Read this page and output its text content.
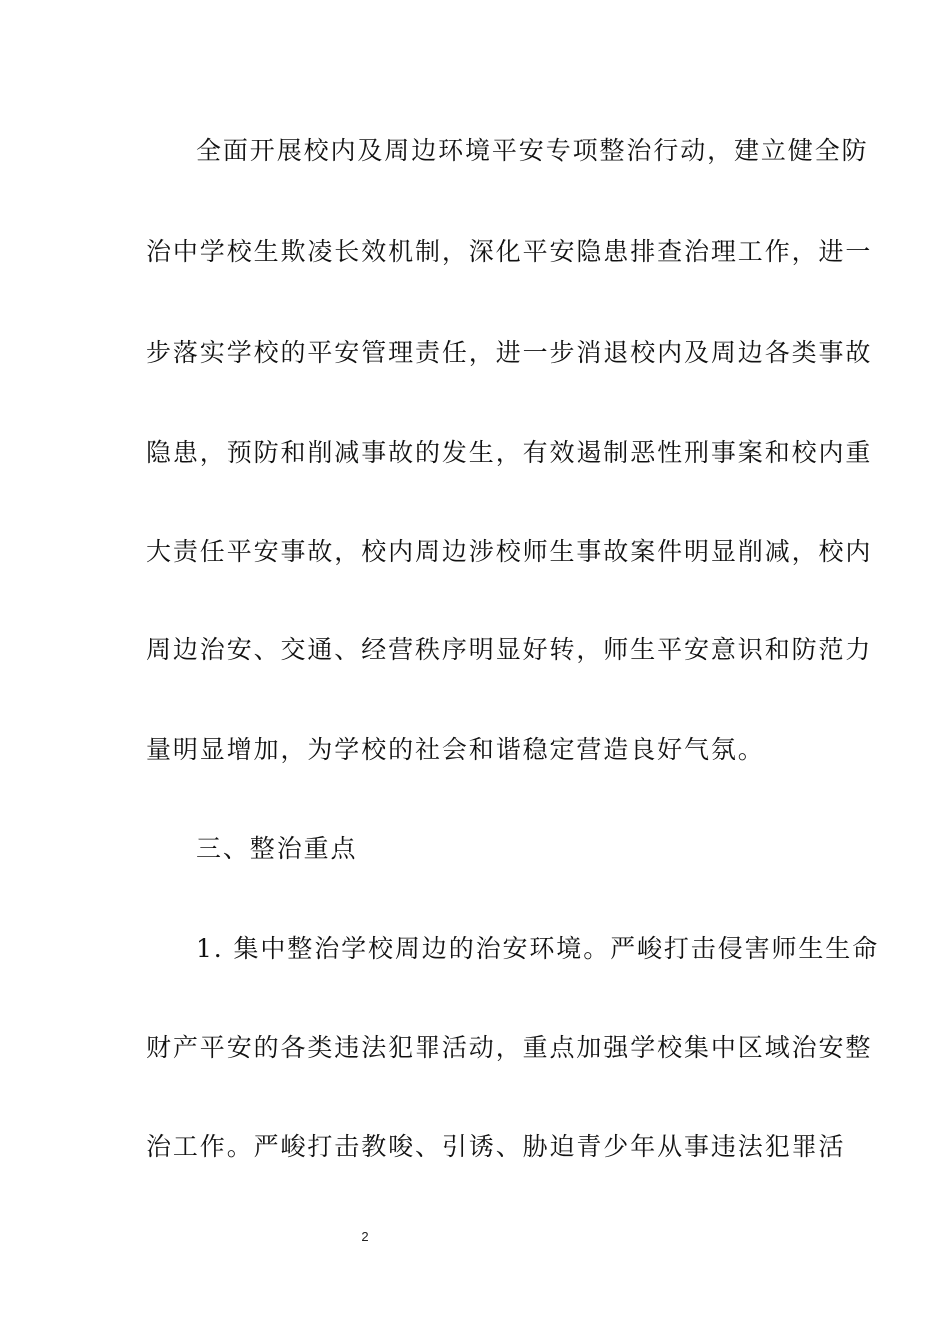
全面开展校内及周边环境平安专项整治行动，建立健全防
治中学校生欺凌长效机制，深化平安隐患排查治理工作，进一
步落实学校的平安管理责任，进一步消退校内及周边各类事故
隐患，预防和削减事故的发生，有效遏制恶性刑事案和校内重
大责任平安事故，校内周边涉校师生事故案件明显削减，校内
周边治安、交通、经营秩序明显好转，师生平安意识和防范力
量明显增加，为学校的社会和谐稳定营造良好气氛。
三、整治重点
1. 集中整治学校周边的治安环境。严峻打击侵害师生生命
财产平安的各类违法犯罪活动，重点加强学校集中区域治安整
治工作。严峻打击教唆、引诱、胁迫青少年从事违法犯罪活
2
